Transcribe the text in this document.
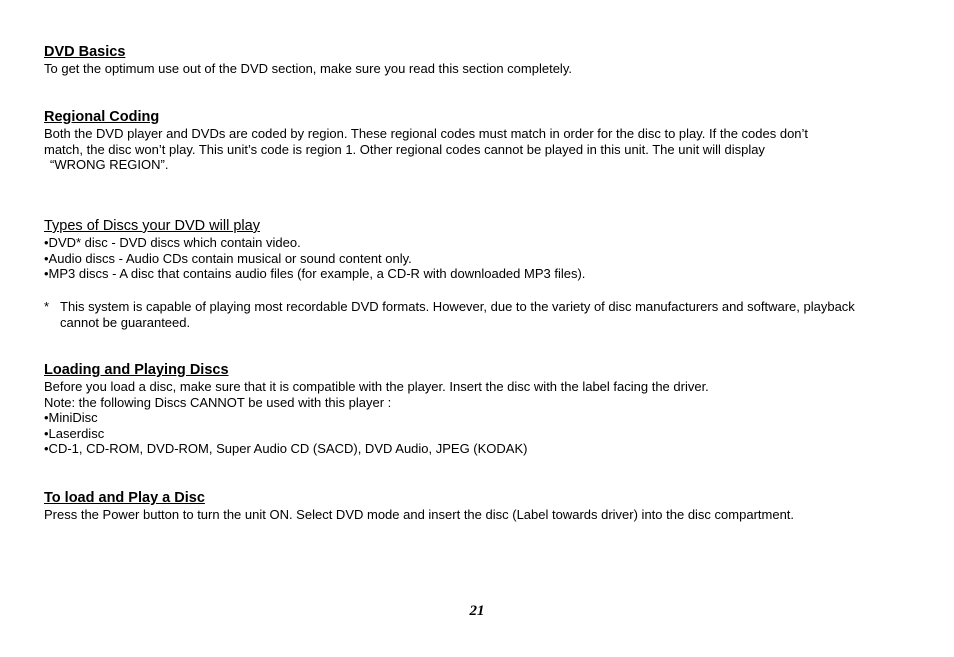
DVD Basics

To get the optimum use out of the DVD section, make sure you read this section completely.

Regional Coding

Both the DVD player and DVDs are coded by region. These regional codes must match in order for the disc to play. If the codes don’t

match, the disc won’t play. This unit’s code is region 1. Other regional codes cannot be played in this unit. The unit will display

“WRONG REGION”.

Types of Discs your DVD will play

•DVD* disc - DVD discs which contain video.

•Audio discs - Audio CDs contain musical or sound content only.

•MP3 discs - A disc that contains audio files (for example, a CD-R with downloaded MP3 files).

* This system is capable of playing most recordable DVD formats. However, due to the variety of disc manufacturers and software, playback

cannot be guaranteed.

Loading and Playing Discs

Before you load a disc, make sure that it is compatible with the player. Insert the disc with the label facing the driver.

Note: the following Discs CANNOT be used with this player :

•MiniDisc

•Laserdisc

•CD-1, CD-ROM, DVD-ROM, Super Audio CD (SACD), DVD Audio, JPEG (KODAK)

To load and Play a Disc

Press the Power button to turn the unit ON. Select DVD mode and insert the disc (Label towards driver) into the disc compartment.

21
